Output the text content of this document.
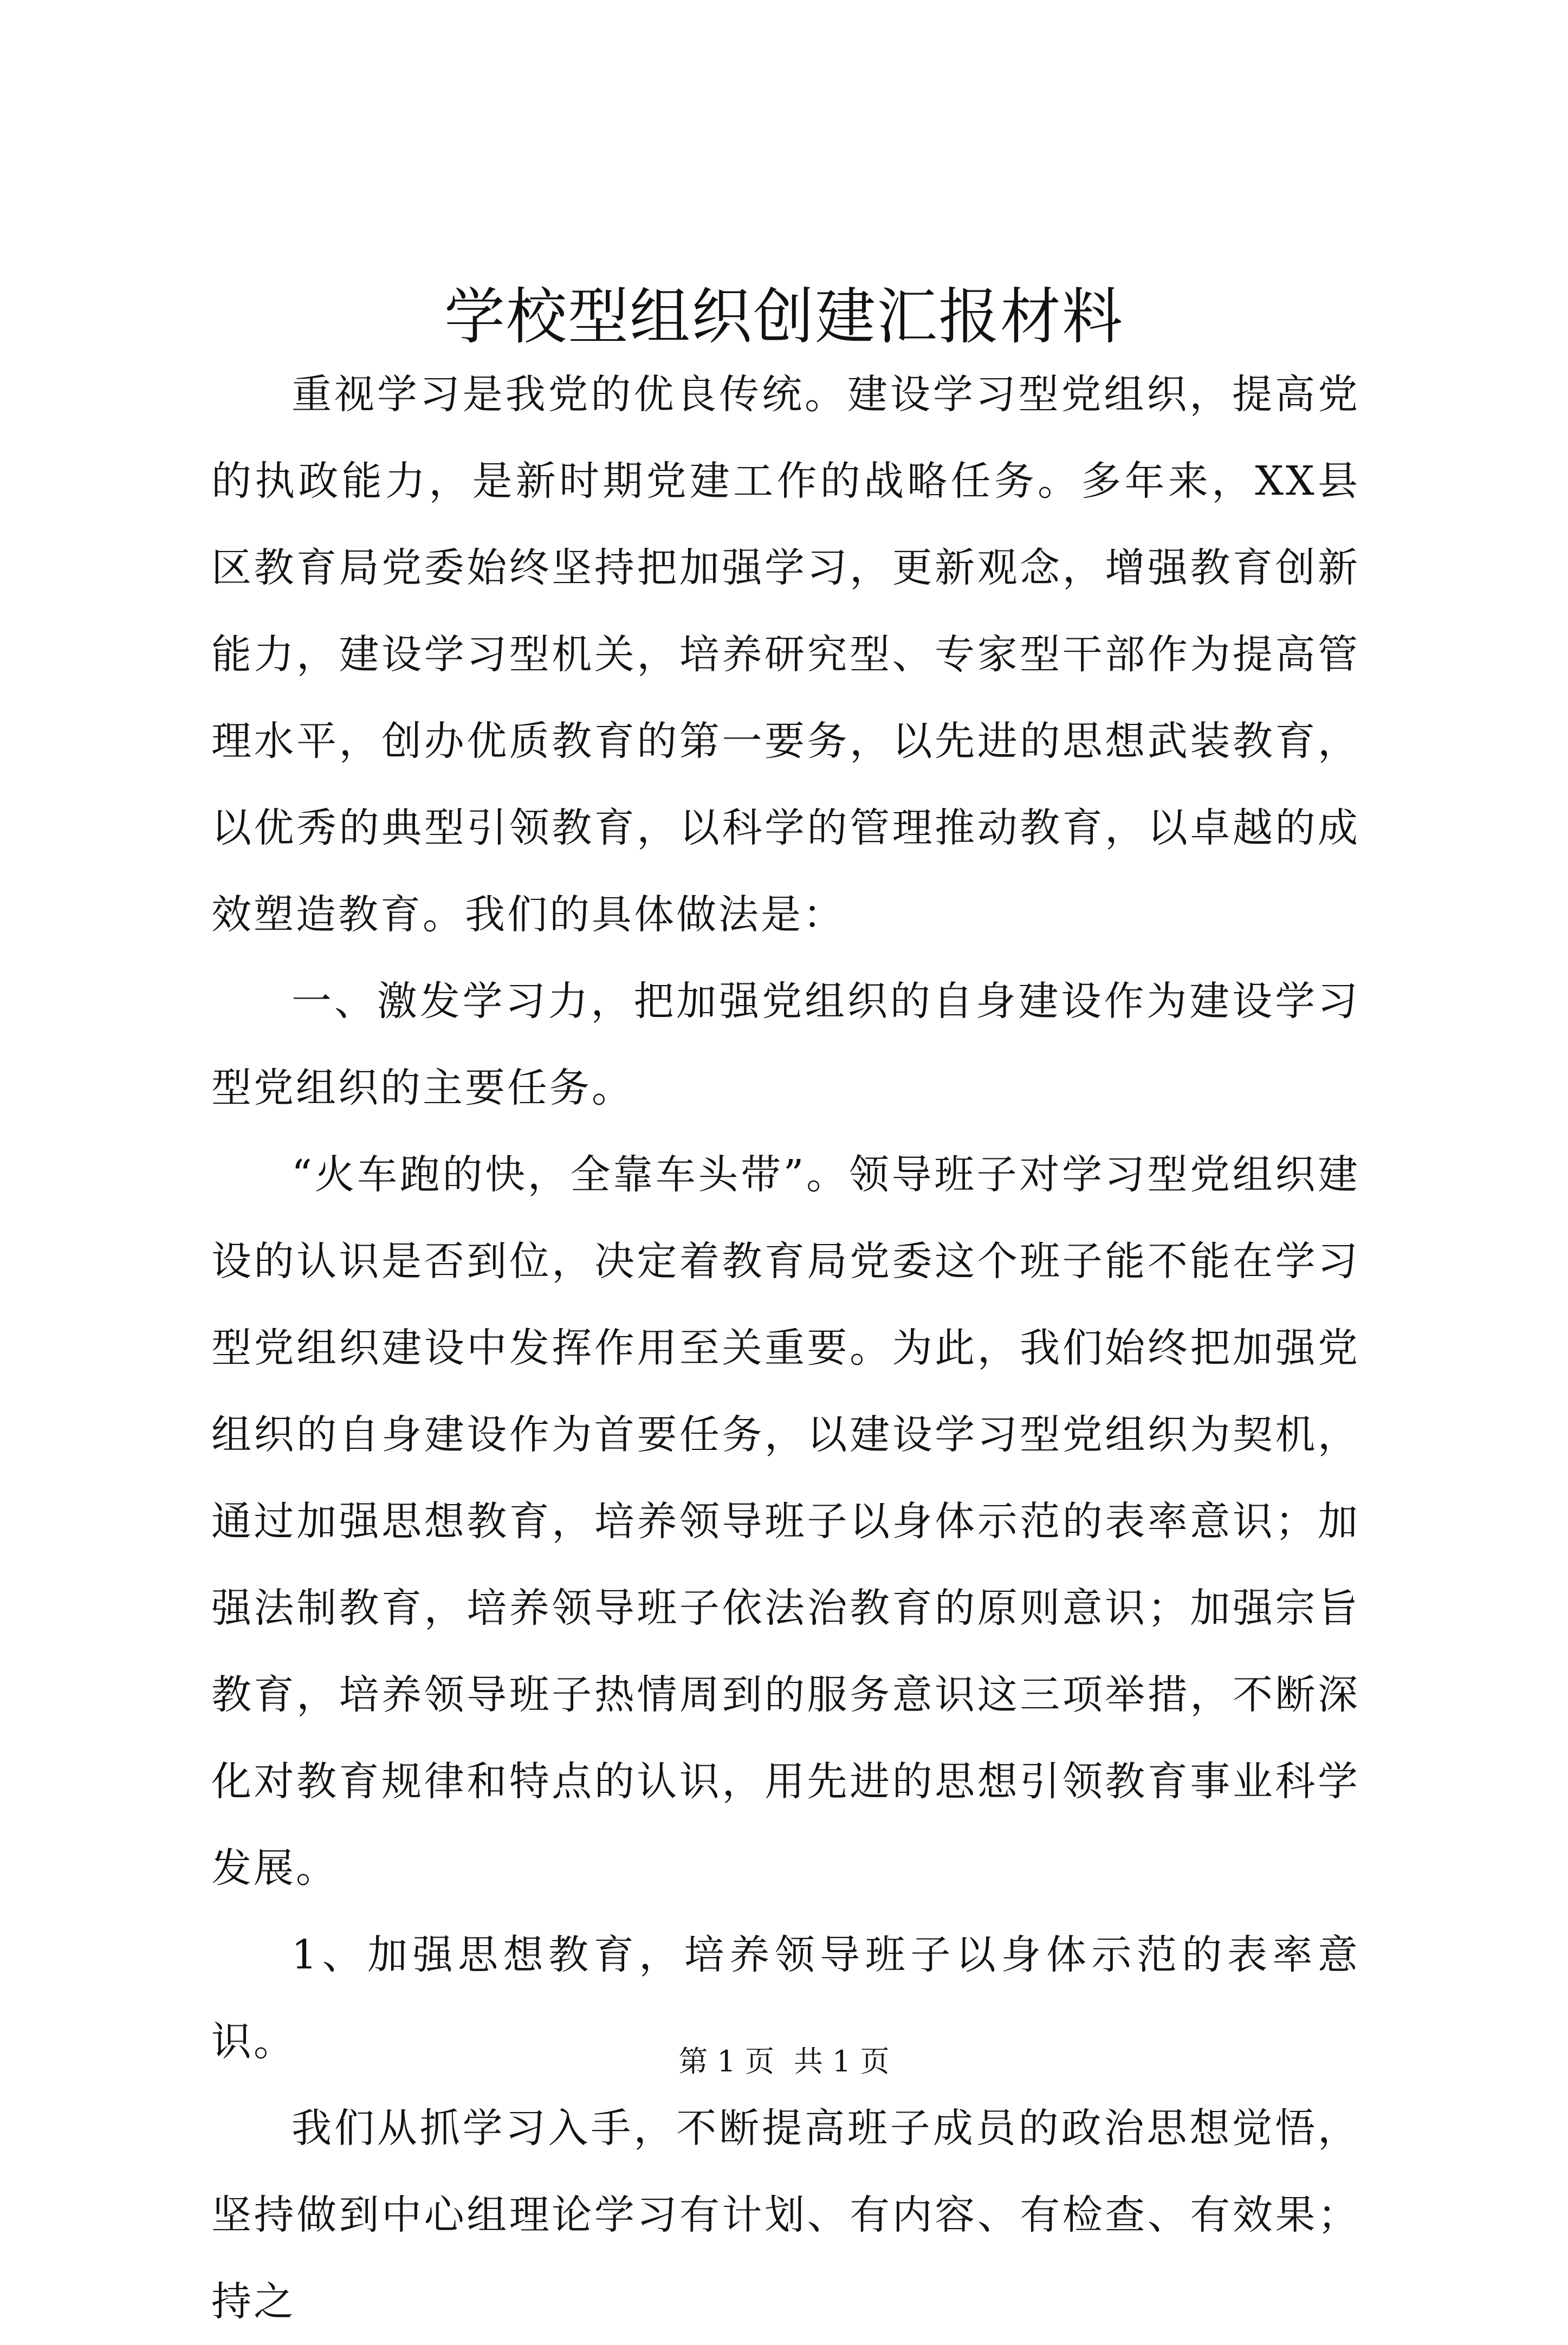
学校型组织创建汇报材料

重视学习是我党的优良传统。建设学习型党组织，提高党的执政能力，是新时期党建工作的战略任务。多年来，XX县区教育局党委始终坚持把加强学习，更新观念，增强教育创新能力，建设学习型机关，培养研究型、专家型干部作为提高管理水平，创办优质教育的第一要务，以先进的思想武装教育，以优秀的典型引领教育，以科学的管理推动教育，以卓越的成效塑造教育。我们的具体做法是：

一、激发学习力，把加强党组织的自身建设作为建设学习型党组织的主要任务。

“火车跑的快，全靠车头带”。领导班子对学习型党组织建设的认识是否到位，决定着教育局党委这个班子能不能在学习型党组织建设中发挥作用至关重要。为此，我们始终把加强党组织的自身建设作为首要任务，以建设学习型党组织为契机，通过加强思想教育，培养领导班子以身体示范的表率意识；加强法制教育，培养领导班子依法治教育的原则意识；加强宗旨教育，培养领导班子热情周到的服务意识这三项举措，不断深化对教育规律和特点的认识，用先进的思想引领教育事业科学发展。

1、加强思想教育，培养领导班子以身体示范的表率意识。

我们从抓学习入手，不断提高班子成员的政治思想觉悟，坚持做到中心组理论学习有计划、有内容、有检查、有效果；持之

第 1 页 共 1 页
